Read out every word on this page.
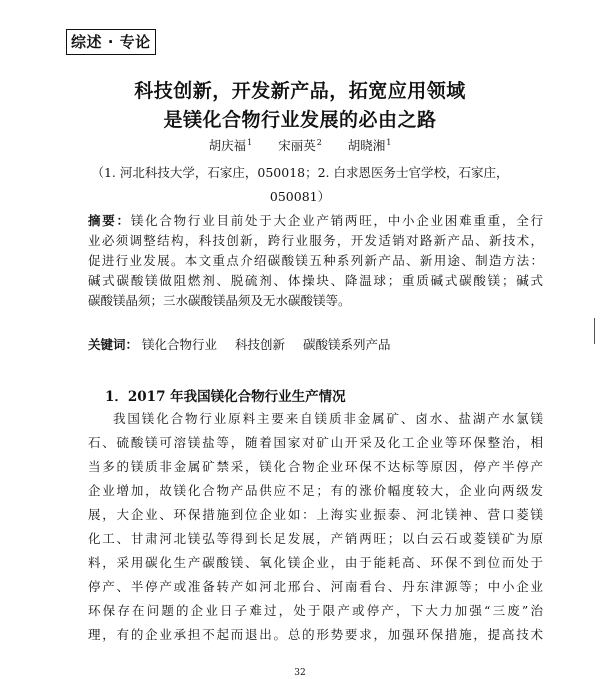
综述 · 专论
科技创新，开发新产品，拓宽应用领域
是镁化合物行业发展的必由之路
胡庆福$^1$ 宋丽英$^2$ 胡晓湘$^1$
（1. 河北科技大学，石家庄，050018；2. 白求恩医务士官学校，石家庄，
050081）
摘要：镁化合物行业目前处于大企业产销两旺，中小企业困难重重，全行
业必须调整结构，科技创新，跨行业服务，开发适销对路新产品、新技术，
促进行业发展。本文重点介绍碳酸镁五种系列新产品、新用途、制造方法：
碱式碳酸镁做阻燃剂、脱硫剂、体操块、降温球；重质碱式碳酸镁；碱式
碳酸镁晶须；三水碳酸镁晶须及无水碳酸镁等。
关键词： 镁化合物行业 科技创新 碳酸镁系列产品
1．2017 年我国镁化合物行业生产情况
我国镁化合物行业原料主要来自镁质非金属矿、卤水、盐湖产水氯镁
石、硫酸镁可溶镁盐等，随着国家对矿山开采及化工企业等环保整治，相
当多的镁质非金属矿禁采，镁化合物企业环保不达标等原因，停产半停产
企业增加，故镁化合物产品供应不足；有的涨价幅度较大，企业向两级发
展，大企业、环保措施到位企业如：上海实业振泰、河北镁神、营口菱镁
化工、甘肃河北镁弘等得到长足发展，产销两旺；以白云石或菱镁矿为原
料，采用碳化生产碳酸镁、氧化镁企业，由于能耗高、环保不到位而处于
停产、半停产或准备转产如河北邢台、河南看台、丹东津源等；中小企业
环保存在问题的企业日子难过，处于限产或停产，下大力加强“三废”治
理，有的企业承担不起而退出。总的形势要求，加强环保措施，提高技术
32
